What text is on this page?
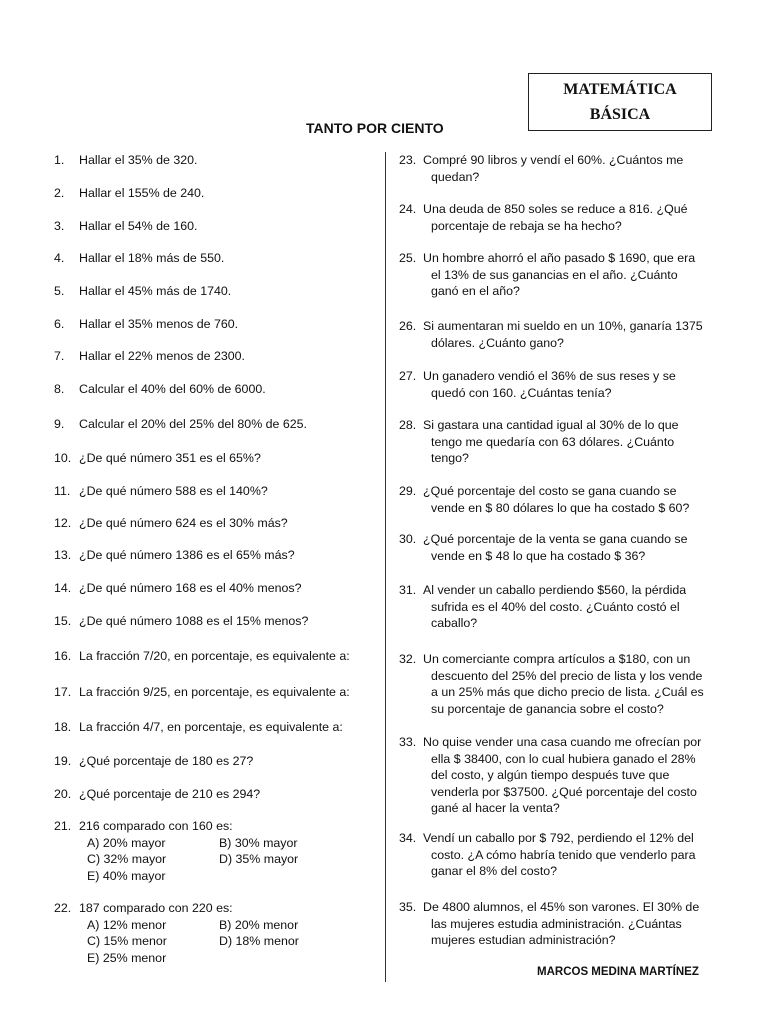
MATEMÁTICA
BÁSICA
TANTO POR CIENTO
1.	Hallar el 35% de 320.
2.	Hallar el 155% de 240.
3.	Hallar el 54% de 160.
4.	Hallar el 18% más de 550.
5.	Hallar el 45% más de 1740.
6.	Hallar el 35% menos de 760.
7.	Hallar el 22% menos de 2300.
8.	Calcular el 40% del 60% de 6000.
9.	Calcular el 20% del 25% del 80% de 625.
10. ¿De qué número 351 es el 65%?
11. ¿De qué número 588 es el 140%?
12. ¿De qué número 624 es el 30% más?
13. ¿De qué número 1386 es el 65% más?
14. ¿De qué número 168 es el 40% menos?
15. ¿De qué número 1088 es el 15% menos?
16. La fracción 7/20, en porcentaje, es equivalente a:
17. La fracción 9/25, en porcentaje, es equivalente a:
18. La fracción 4/7, en porcentaje, es equivalente a:
19. ¿Qué porcentaje de 180 es 27?
20. ¿Qué porcentaje de 210 es 294?
21. 216 comparado con 160 es:
A) 20% mayor	B) 30% mayor
C) 32% mayor	D) 35% mayor
E) 40% mayor
22. 187 comparado con 220 es:
A) 12% menor	B) 20% menor
C) 15% menor	D) 18% menor
E) 25% menor
23. Compré 90 libros y vendí el 60%. ¿Cuántos me
quedan?
24. Una deuda de 850 soles se reduce a 816. ¿Qué
porcentaje de rebaja se ha hecho?
25. Un hombre ahorró el año pasado $ 1690, que era
el 13% de sus ganancias en el año. ¿Cuánto
ganó en el año?
26. Si aumentaran mi sueldo en un 10%, ganaría 1375
dólares. ¿Cuánto gano?
27. Un ganadero vendió el 36% de sus reses y se
quedó con 160. ¿Cuántas tenía?
28. Si gastara una cantidad igual al 30% de lo que
tengo me quedaría con 63 dólares. ¿Cuánto
tengo?
29. ¿Qué porcentaje del costo se gana cuando se
vende en $ 80 dólares lo que ha costado $ 60?
30. ¿Qué porcentaje de la venta se gana cuando se
vende en $ 48 lo que ha costado $ 36?
31. Al vender un caballo perdiendo $560, la pérdida
sufrida es el 40% del costo. ¿Cuánto costó el
caballo?
32. Un comerciante compra artículos a $180, con un
descuento del 25% del precio de lista y los vende
a un 25% más que dicho precio de lista. ¿Cuál es
su porcentaje de ganancia sobre el costo?
33. No quise vender una casa cuando me ofrecían por
ella $ 38400, con lo cual hubiera ganado el 28%
del costo, y algún tiempo después tuve que
venderla por $37500. ¿Qué porcentaje del costo
gané al hacer la venta?
34. Vendí un caballo por $ 792, perdiendo el 12% del
costo. ¿A cómo habría tenido que venderlo para
ganar el 8% del costo?
35. De 4800 alumnos, el 45% son varones. El 30% de
las mujeres estudia administración. ¿Cuántas
mujeres estudian administración?
MARCOS MEDINA MARTÍNEZ
